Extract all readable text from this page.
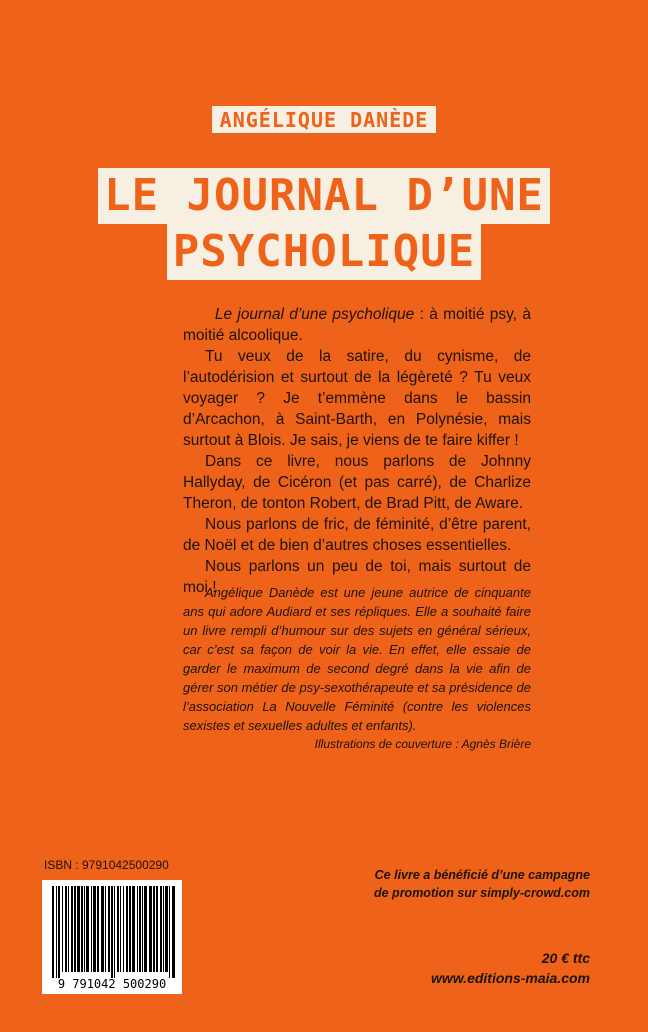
ANGÉLIQUE DANÈDE
LE JOURNAL D’UNE
PSYCHOLIQUE

Le journal d’une psycholique : à moitié psy, à moitié alcoolique.

Tu veux de la satire, du cynisme, de l’autodérision et surtout de la légèreté ? Tu veux voyager ? Je t’emmène dans le bassin d’Arcachon, à Saint-Barth, en Polynésie, mais surtout à Blois. Je sais, je viens de te faire kiffer !

Dans ce livre, nous parlons de Johnny Hallyday, de Cicéron (et pas carré), de Charlize Theron, de tonton Robert, de Brad Pitt, de Aware.

Nous parlons de fric, de féminité, d’être parent, de Noël et de bien d’autres choses essentielles.

Nous parlons un peu de toi, mais surtout de moi !

Angélique Danède est une jeune autrice de cinquante ans qui adore Audiard et ses répliques. Elle a souhaité faire un livre rempli d’humour sur des sujets en général sérieux, car c’est sa façon de voir la vie. En effet, elle essaie de garder le maximum de second degré dans la vie afin de gérer son métier de psy-sexothérapeute et sa présidence de l’association La Nouvelle Féminité (contre les violences sexistes et sexuelles adultes et enfants).
Illustrations de couverture : Agnès Brière
ISBN : 9791042500290
9 791042 500290
Ce livre a bénéficié d’une campagne
de promotion sur simply-crowd.com
20 € ttc
www.editions-maia.com
